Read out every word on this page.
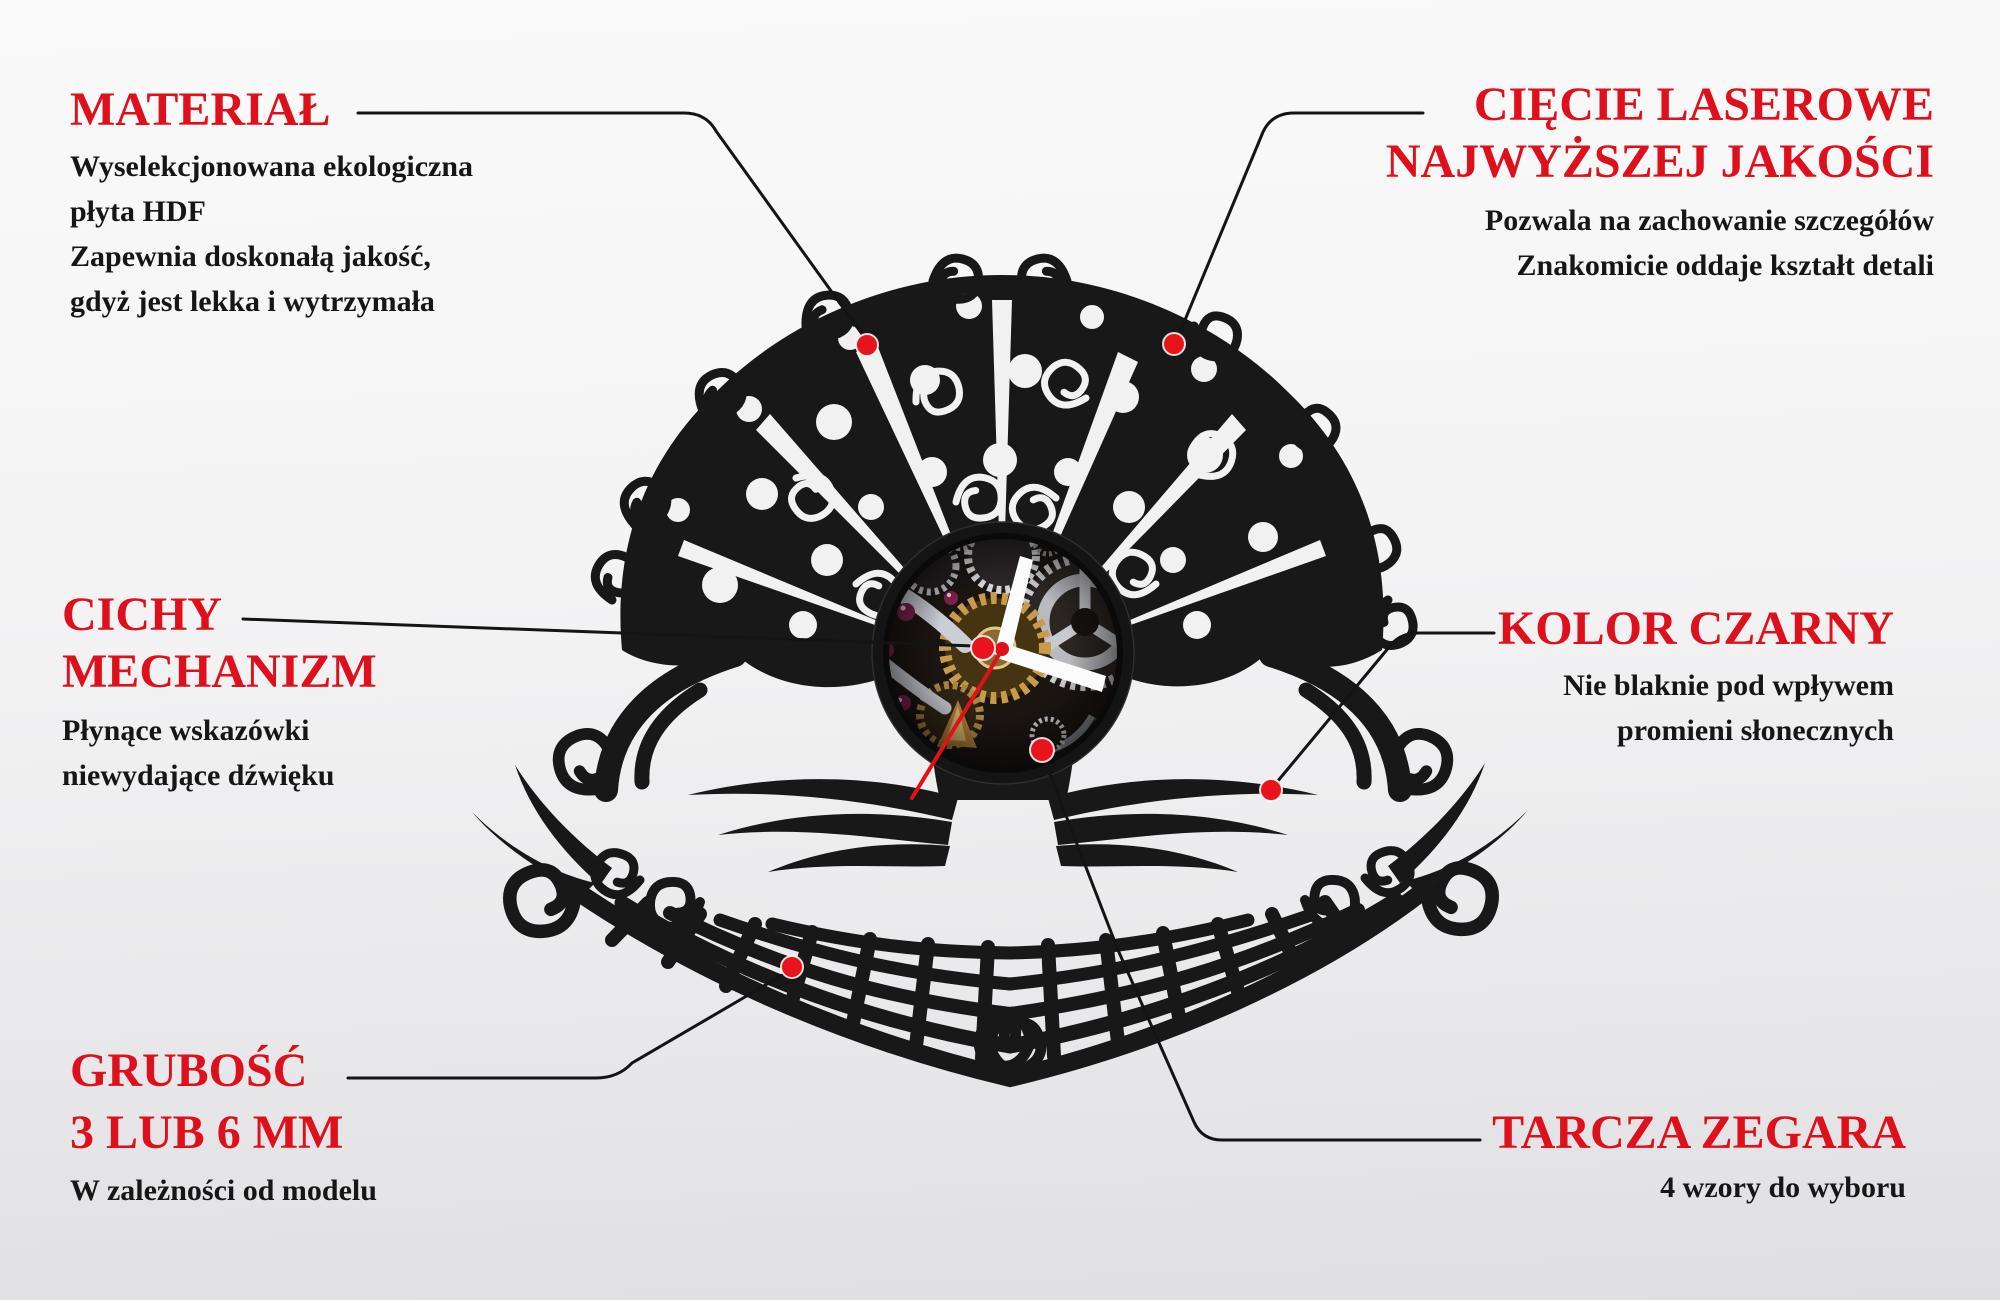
MATERIAŁ
Wyselekcjonowana ekologiczna
płyta HDF
Zapewnia doskonałą jakość,
gdyż jest lekka i wytrzymała
CIĘCIE LASEROWE
NAJWYŻSZEJ JAKOŚCI
Pozwala na zachowanie szczegółów
Znakomicie oddaje kształt detali
CICHY
MECHANIZM
Płynące wskazówki
niewydające dźwięku
KOLOR CZARNY
Nie blaknie pod wpływem
promieni słonecznych
GRUBOŚĆ
3 LUB 6 MM
W zależności od modelu
TARCZA ZEGARA
4 wzory do wyboru
